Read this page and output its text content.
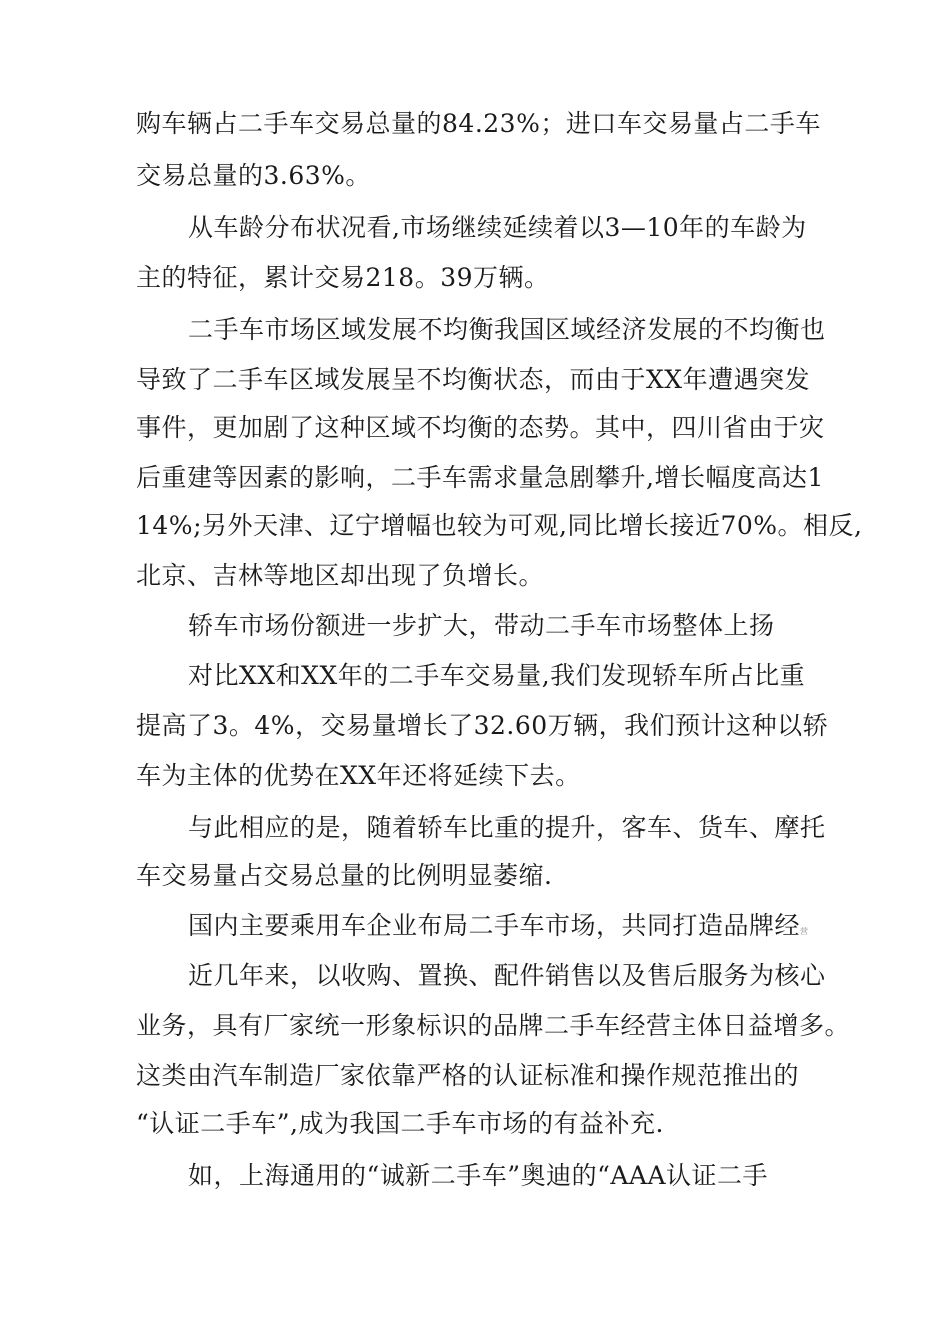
购车辆占二手车交易总量的84.23%；进口车交易量占二手车
交易总量的3.63%。
从车龄分布状况看,市场继续延续着以3—10年的车龄为
主的特征，累计交易218。39万辆。
二手车市场区域发展不均衡我国区域经济发展的不均衡也
导致了二手车区域发展呈不均衡状态，而由于XX年遭遇突发
事件，更加剧了这种区域不均衡的态势。其中，四川省由于灾
后重建等因素的影响，二手车需求量急剧攀升,增长幅度高达1
14%;另外天津、辽宁增幅也较为可观,同比增长接近70%。相反,
北京、吉林等地区却出现了负增长。
轿车市场份额进一步扩大，带动二手车市场整体上扬
对比XX和XX年的二手车交易量,我们发现轿车所占比重
提高了3。4%，交易量增长了32.60万辆，我们预计这种以轿
车为主体的优势在XX年还将延续下去。
与此相应的是，随着轿车比重的提升，客车、货车、摩托
车交易量占交易总量的比例明显萎缩.
国内主要乘用车企业布局二手车市场，共同打造品牌经营
近几年来，以收购、置换、配件销售以及售后服务为核心
业务，具有厂家统一形象标识的品牌二手车经营主体日益增多。
这类由汽车制造厂家依靠严格的认证标准和操作规范推出的
“认证二手车”,成为我国二手车市场的有益补充.
如，上海通用的“诚新二手车”奥迪的“AAA认证二手
